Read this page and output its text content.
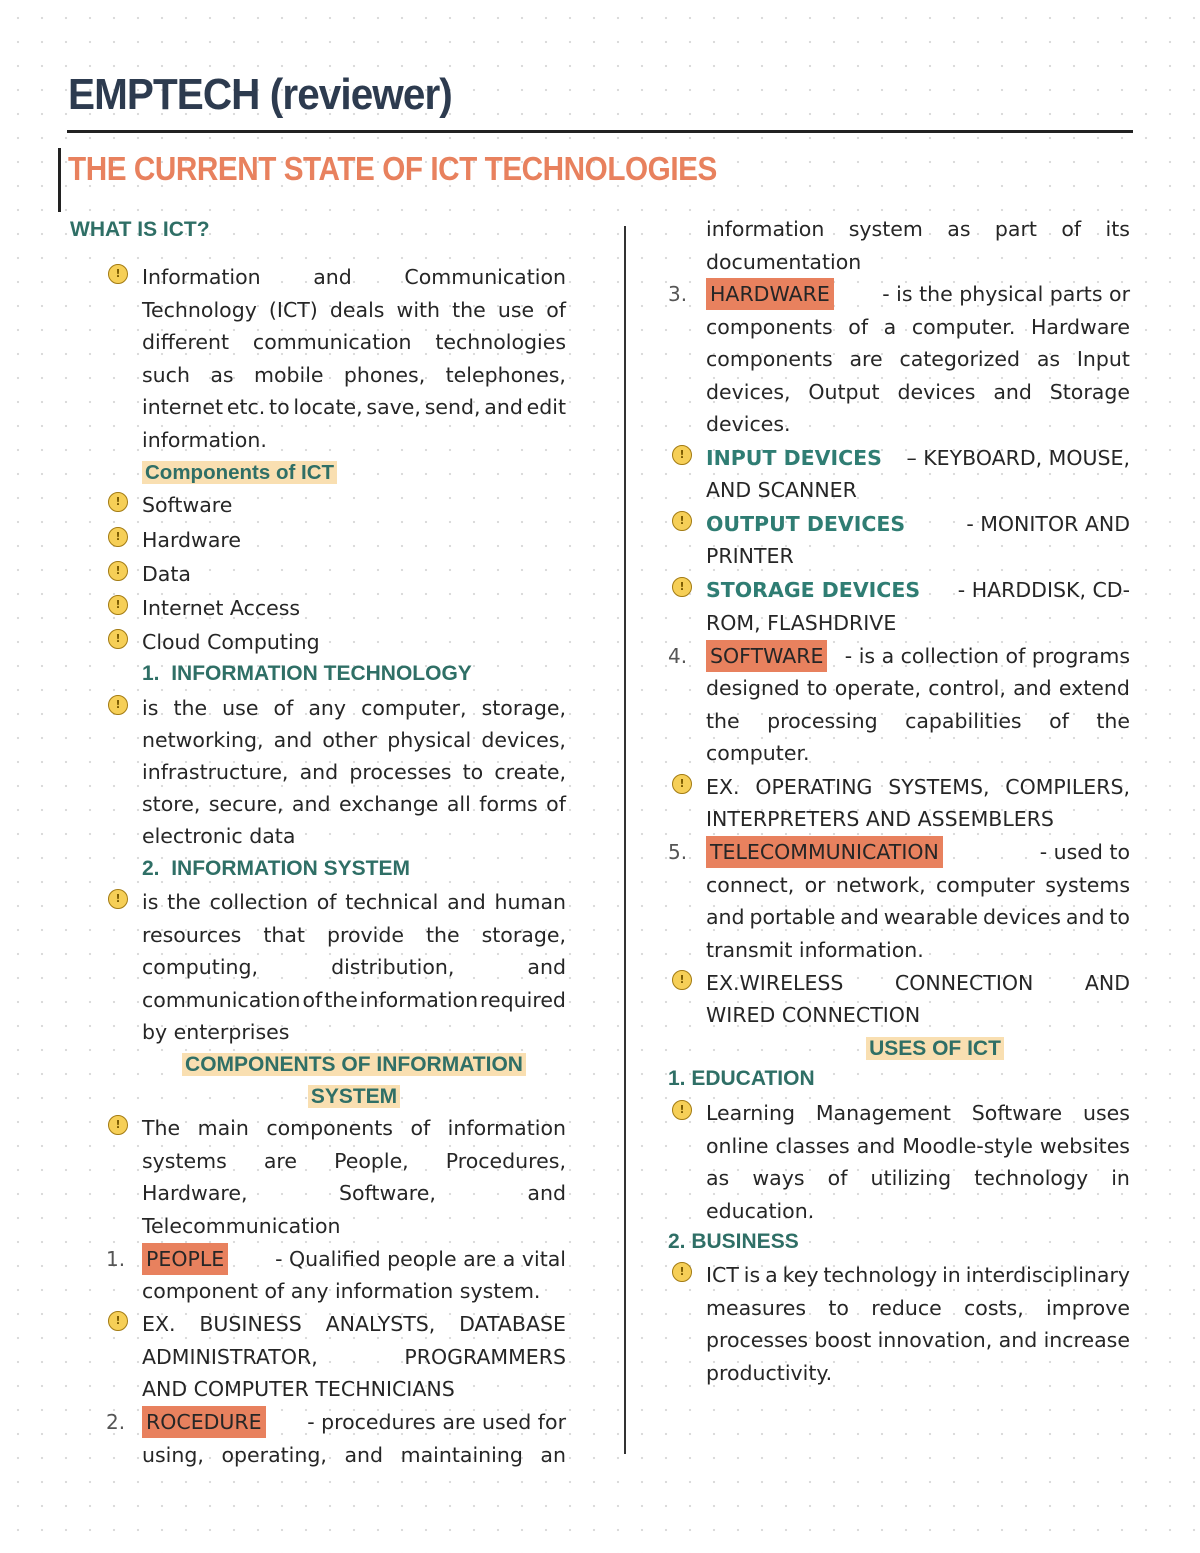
EMPTECH (reviewer)
THE CURRENT STATE OF ICT TECHNOLOGIES
WHAT IS ICT?
!	Information	and	Communication
Technology (ICT) deals with the use of
different communication technologies
such as mobile phones, telephones,
internet etc. to locate, save, send, and edit
information.
Components of ICT
!	Software
!	Hardware
!	Data
!	Internet Access
!	Cloud Computing
1. INFORMATION TECHNOLOGY
!	is the use of any computer, storage,
networking, and other physical devices,
infrastructure, and processes to create,
store, secure, and exchange all forms of
electronic data
2. INFORMATION SYSTEM
!	is the collection of technical and human
resources that provide the storage,
computing,	distribution,	and
communication of the information required
by enterprises
COMPONENTS OF INFORMATION
SYSTEM
!	The main components of information
systems are People, Procedures,
Hardware,	Software,	and
Telecommunication
1.	PEOPLE - Qualified people are a vital
component of any information system.
!	EX. BUSINESS ANALYSTS, DATABASE
ADMINISTRATOR,	PROGRAMMERS
AND COMPUTER TECHNICIANS
2.	ROCEDURE - procedures are used for
using, operating, and maintaining an
information system as part of its
documentation
3.	HARDWARE	- is the physical parts or
components of a computer. Hardware
components are categorized as Input
devices, Output devices and Storage
devices.
!	INPUT DEVICES – KEYBOARD, MOUSE,
AND SCANNER
!	OUTPUT DEVICES	- MONITOR AND
PRINTER
!	STORAGE DEVICES - HARDDISK, CD-
ROM, FLASHDRIVE
4.	SOFTWARE - is a collection of programs
designed to operate, control, and extend
the processing capabilities of the
computer.
!	EX. OPERATING SYSTEMS, COMPILERS,
INTERPRETERS AND ASSEMBLERS
5.	TELECOMMUNICATION	- used to
connect, or network, computer systems
and portable and wearable devices and to
transmit information.
!	EX.WIRELESS	CONNECTION	AND
WIRED CONNECTION
USES OF ICT
1. EDUCATION
!	Learning Management Software uses
online classes and Moodle-style websites
as ways of utilizing technology in
education.
2. BUSINESS
!	ICT is a key technology in interdisciplinary
measures to reduce costs, improve
processes boost innovation, and increase
productivity.
